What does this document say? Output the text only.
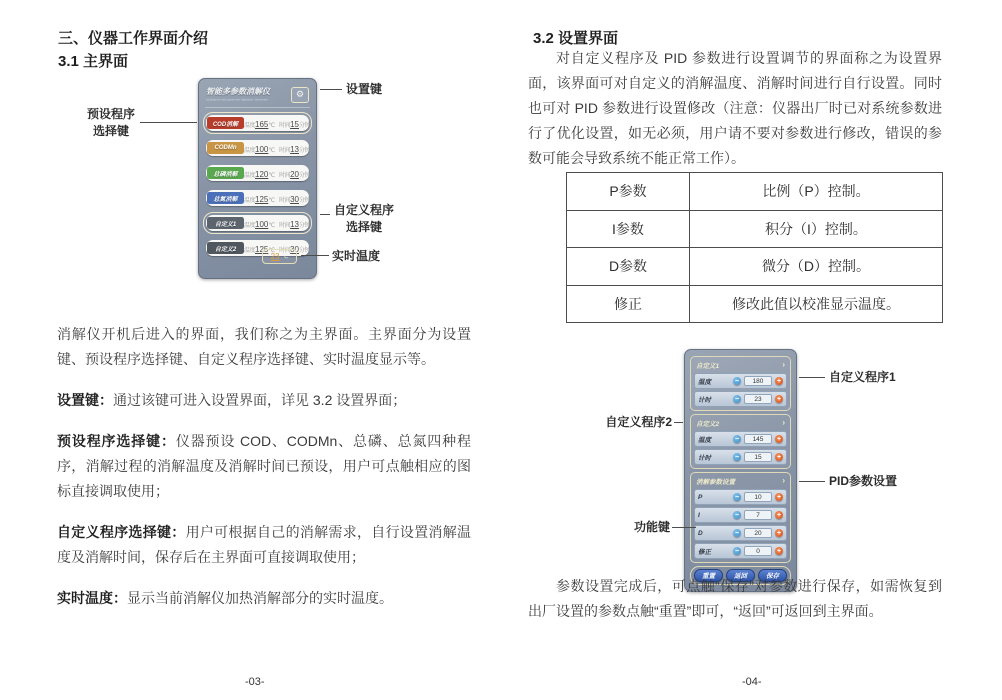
三、仪器工作界面介绍
3.1 主界面
智能多参数消解仪
intelligent multi parameter digestion instrument
⚙
COD消解 温度165℃ 时间15分钟
CODMn	温度100℃ 时间13分钟
总磷消解	温度120℃ 时间20分钟
总氮消解	温度125℃ 时间30分钟
自定义1	温度100℃ 时间13分钟
自定义2	温度125℃ 时间30分钟
23 ℃
设置键
预设程序
选择键
自定义程序
选择键
实时温度

消解仪开机后进入的界面，我们称之为主界面。主界面分为设置键、预设程序选择键、自定义程序选择键、实时温度显示等。

设置键：通过该键可进入设置界面，详见 3.2 设置界面；

预设程序选择键：仪器预设 COD、CODMn、总磷、总氮四种程序，消解过程的消解温度及消解时间已预设，用户可点触相应的图标直接调取使用；

自定义程序选择键：用户可根据自己的消解需求，自行设置消解温度及消解时间，保存后在主界面可直接调取使用；

实时温度：显示当前消解仪加热消解部分的实时温度。

-03-
3.2 设置界面
对自定义程序及 PID 参数进行设置调节的界面称之为设置界面，该界面可对自定义的消解温度、消解时间进行自行设置。同时也可对 PID 参数进行设置修改（注意：仪器出厂时已对系统参数进行了优化设置，如无必须，用户请不要对参数进行修改，错误的参数可能会导致系统不能正常工作）。
P参数	比例（P）控制。
I参数	积分（I）控制。
D参数	微分（D）控制。
修正	修改此值以校准显示温度。
自定义1	›
温度	−	180	+
计时	−	23	+
自定义2	›
温度	−	145	+
计时	−	15	+
消解参数设置	›
P	−	10	+
I	−	7	+
D	−	20	+
修正	−	0	+
重置	返回	保存
自定义程序1
自定义程序2
PID参数设置
功能键
参数设置完成后，可点触“保存”对参数进行保存，如需恢复到出厂设置的参数点触“重置”即可，“返回”可返回到主界面。
-04-
